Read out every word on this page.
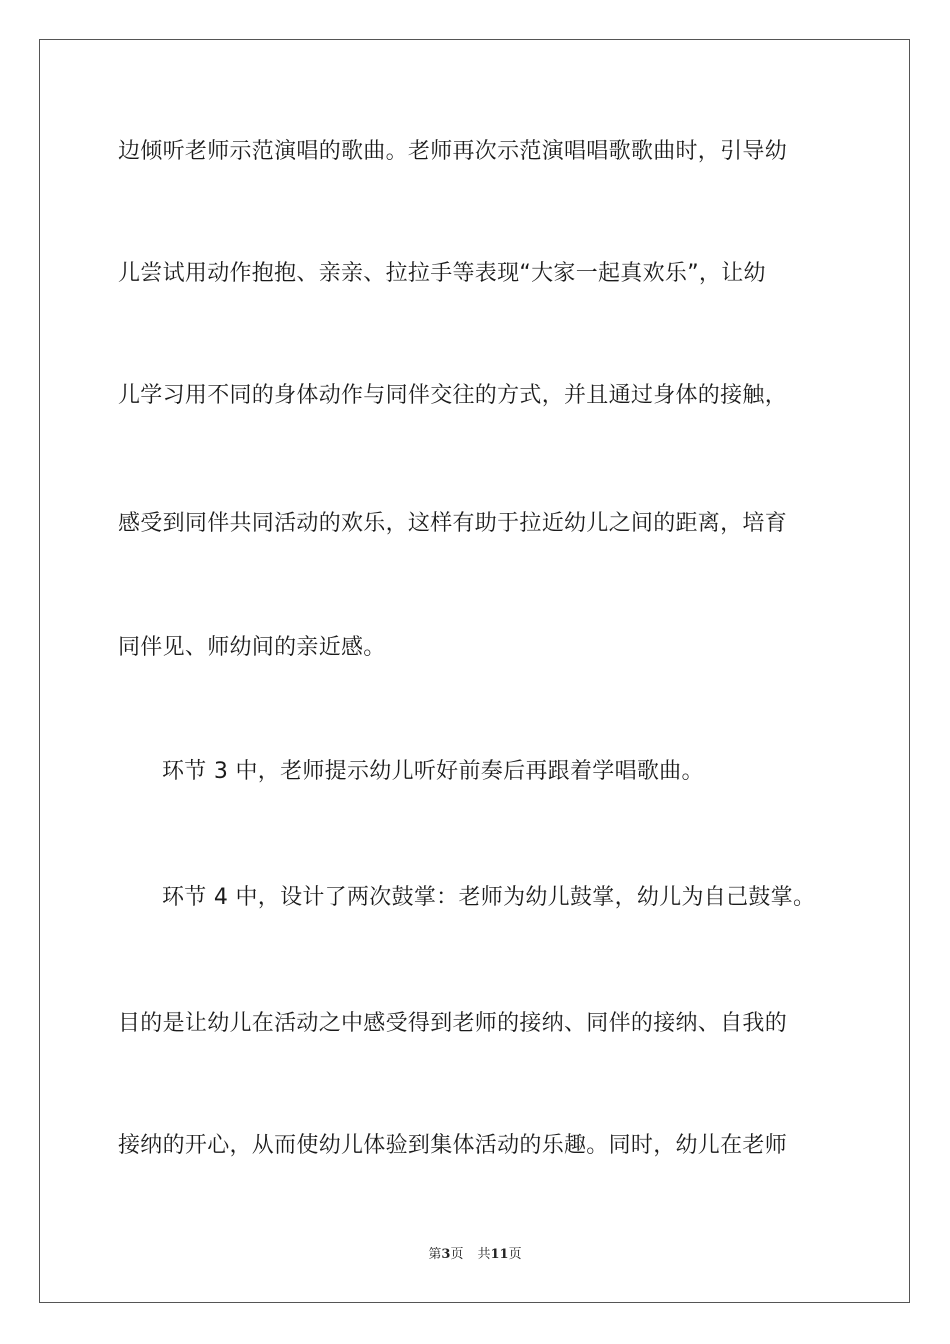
边倾听老师示范演唱的歌曲。老师再次示范演唱唱歌歌曲时，引导幼
儿尝试用动作抱抱、亲亲、拉拉手等表现“大家一起真欢乐”，让幼
儿学习用不同的身体动作与同伴交往的方式，并且通过身体的接触，
感受到同伴共同活动的欢乐，这样有助于拉近幼儿之间的距离，培育
同伴见、师幼间的亲近感。
环节 3 中，老师提示幼儿听好前奏后再跟着学唱歌曲。
环节 4 中，设计了两次鼓掌：老师为幼儿鼓掌，幼儿为自己鼓掌。
目的是让幼儿在活动之中感受得到老师的接纳、同伴的接纳、自我的
接纳的开心，从而使幼儿体验到集体活动的乐趣。同时，幼儿在老师
第3页 共11页
